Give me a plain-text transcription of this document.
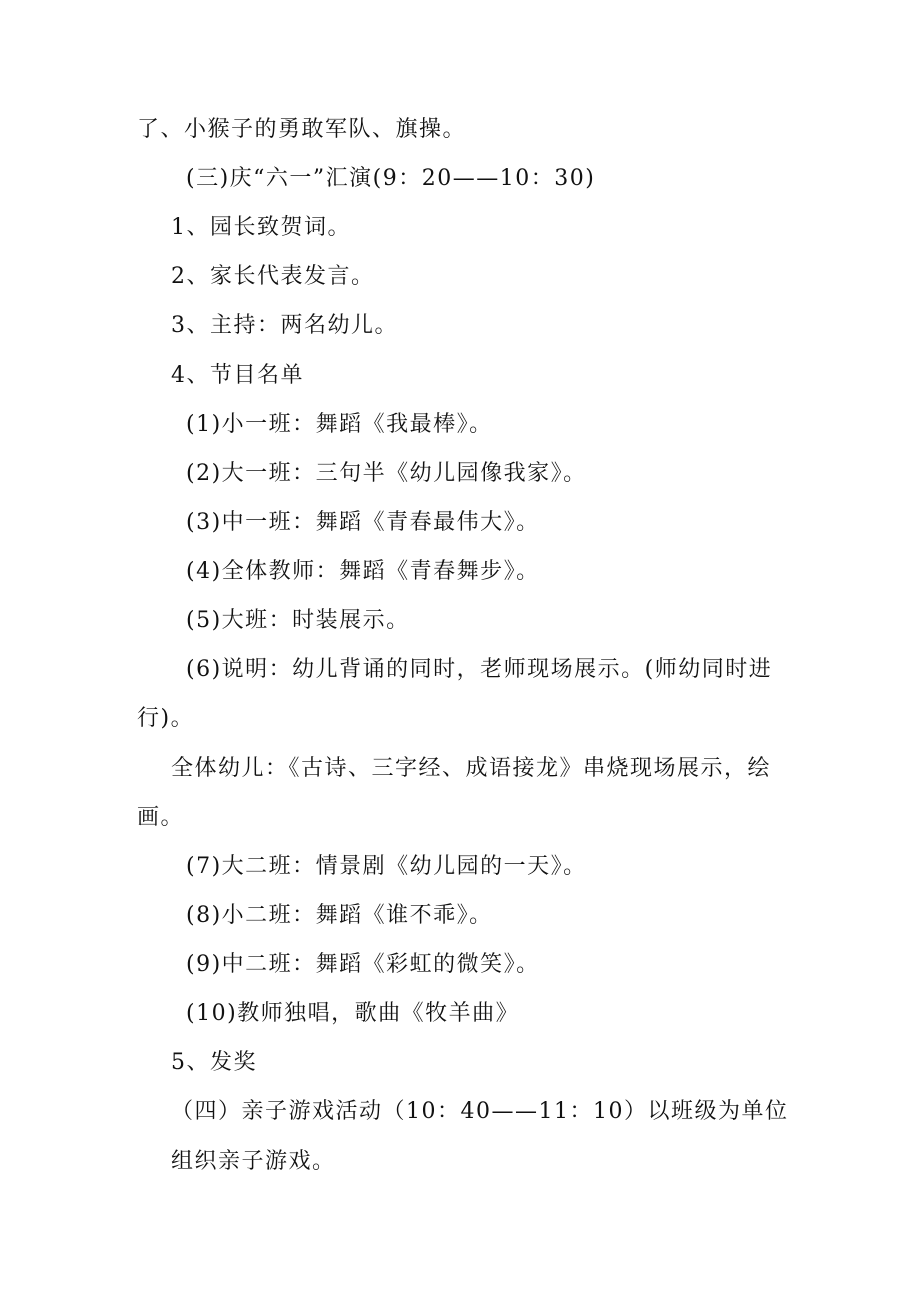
了、小猴子的勇敢军队、旗操。

(三)庆“六一”汇演(9：20——10：30)

1、园长致贺词。

2、家长代表发言。

3、主持：两名幼儿。

4、节目名单

(1)小一班：舞蹈《我最棒》。

(2)大一班：三句半《幼儿园像我家》。

(3)中一班：舞蹈《青春最伟大》。

(4)全体教师：舞蹈《青春舞步》。

(5)大班：时装展示。

(6)说明：幼儿背诵的同时，老师现场展示。(师幼同时进

行)。

全体幼儿：《古诗、三字经、成语接龙》串烧现场展示，绘

画。

(7)大二班：情景剧《幼儿园的一天》。

(8)小二班：舞蹈《谁不乖》。

(9)中二班：舞蹈《彩虹的微笑》。

(10)教师独唱，歌曲《牧羊曲》

5、发奖

（四）亲子游戏活动（10：40——11：10）以班级为单位

组织亲子游戏。
